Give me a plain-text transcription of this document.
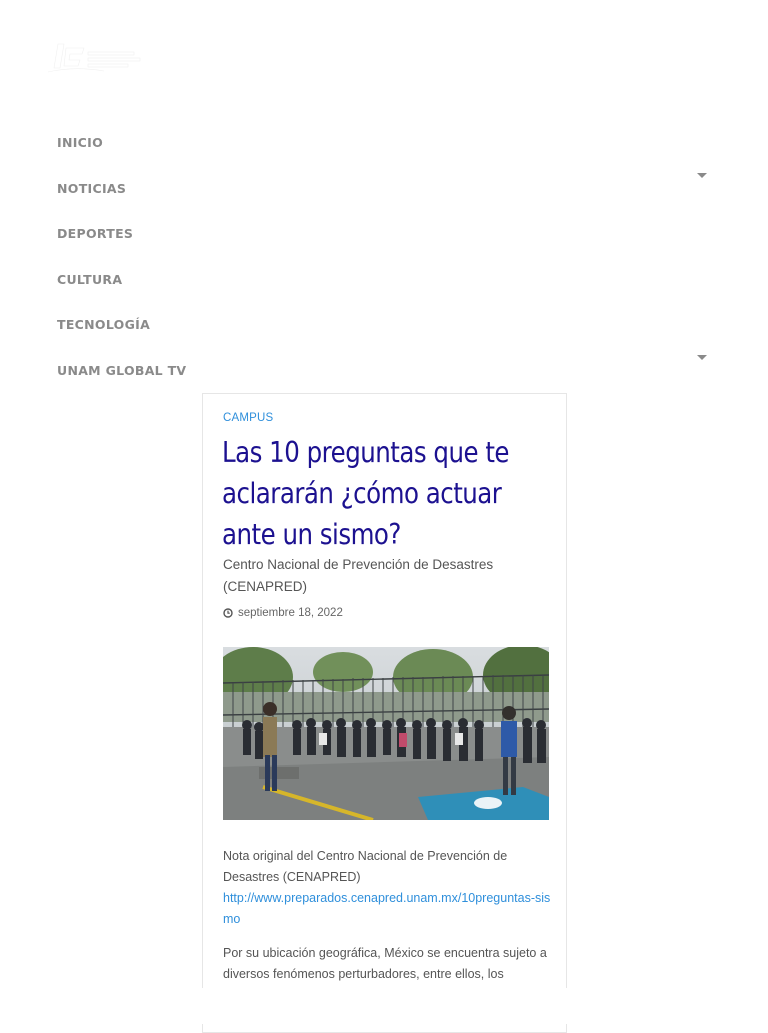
INICIO
NOTICIAS
DEPORTES
CULTURA
TECNOLOGÍA
UNAM GLOBAL TV
CAMPUS
Las 10 preguntas que te
aclararán ¿cómo actuar
ante un sismo?
Centro Nacional de Prevención de Desastres (CENAPRED)
septiembre 18, 2022
Nota original del Centro Nacional de Prevención de Desastres (CENAPRED)
http://www.preparados.cenapred.unam.mx/10preguntas-sismo
Por su ubicación geográfica, México se encuentra sujeto a diversos fenómenos perturbadores, entre ellos, los
